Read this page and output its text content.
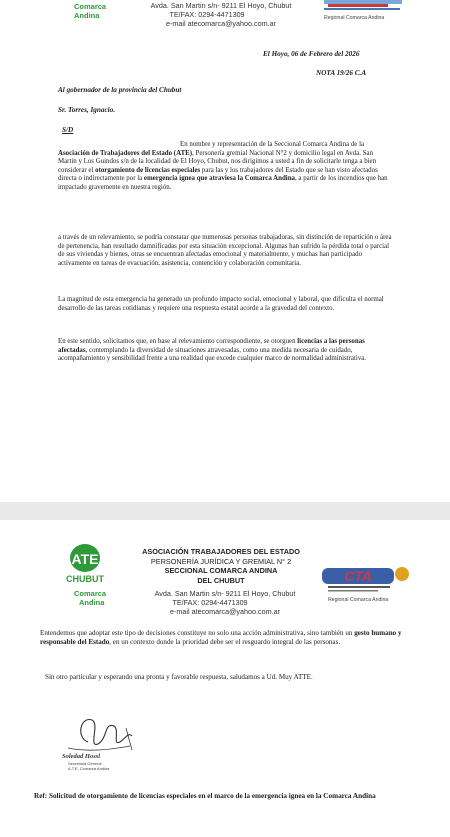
Comarca
Andina
Avda. San Martin s/n- 9211 El Hoyo, Chubut
TE/FAX: 0294-4471309
e-mail atecomarca@yahoo.com.ar
Regional Comarca Andina
El Hoyo, 06 de Febrero del 2026
NOTA 19/26 C.A
Al gobernador de la provincia del Chubut
Sr. Torres, Ignacio.
S/D
En nombre y representación de la Seccional Comarca Andina de la Asociación de Trabajadores del Estado (ATE), Personería gremial Nacional N°2 y domicilio legal en Avda. San Martin y Los Guindos s/n de la localidad de El Hoyo, Chubut, nos dirigimos a usted a fin de solicitarle tenga a bien considerar el otorgamiento de licencias especiales para las y los trabajadores del Estado que se han visto afectados directa o indirectamente por la emergencia ígnea que atraviesa la Comarca Andina, a partir de los incendios que han impactado gravemente en nuestra región.
a través de un relevamiento, se podría constatar que numerosas personas trabajadoras, sin distinción de repartición o área de pertenencia, han resultado damnificadas por esta situación excepcional. Algunas han sufrido la pérdida total o parcial de sus viviendas y bienes, otras se encuentran afectadas emocional y materialmente, y muchas han participado activamente en tareas de evacuación, asistencia, contención y colaboración comunitaria.
La magnitud de esta emergencia ha generado un profundo impacto social, emocional y laboral, que dificulta el normal desarrollo de las tareas cotidianas y requiere una respuesta estatal acorde a la gravedad del contexto.
En este sentido, solicitamos que, en base al relevamiento correspondiente, se otorguen licencias a las personas afectadas, contemplando la diversidad de situaciones atravesadas, como una medida necesaria de cuidado, acompañamiento y sensibilidad frente a una realidad que excede cualquier marco de normalidad administrativa.
ATE
CHUBUT
Comarca
Andina
ASOCIACIÓN TRABAJADORES DEL ESTADO
PERSONERÍA JURÍDICA Y GREMIAL N° 2
SECCIONAL COMARCA ANDINA
DEL CHUBUT
Avda. San Martin s/n- 9211 El Hoyo, Chubut
TE/FAX: 0294-4471309
e-mail atecomarca@yahoo.com.ar
CTA
Regional Comarca Andina
Entendemos que adoptar este tipo de decisiones constituye no solo una acción administrativa, sino también un gesto humano y responsable del Estado, en un contexto donde la prioridad debe ser el resguardo integral de las personas.
Sin otro particular y esperando una pronta y favorable respuesta, saludamos a Ud. Muy ATTE.
Soledad Hossl
Secretaria General
A.T.E. Comarca Andina
Ref: Solicitud de otorgamiento de licencias especiales en el marco de la emergencia ígnea en la Comarca Andina
